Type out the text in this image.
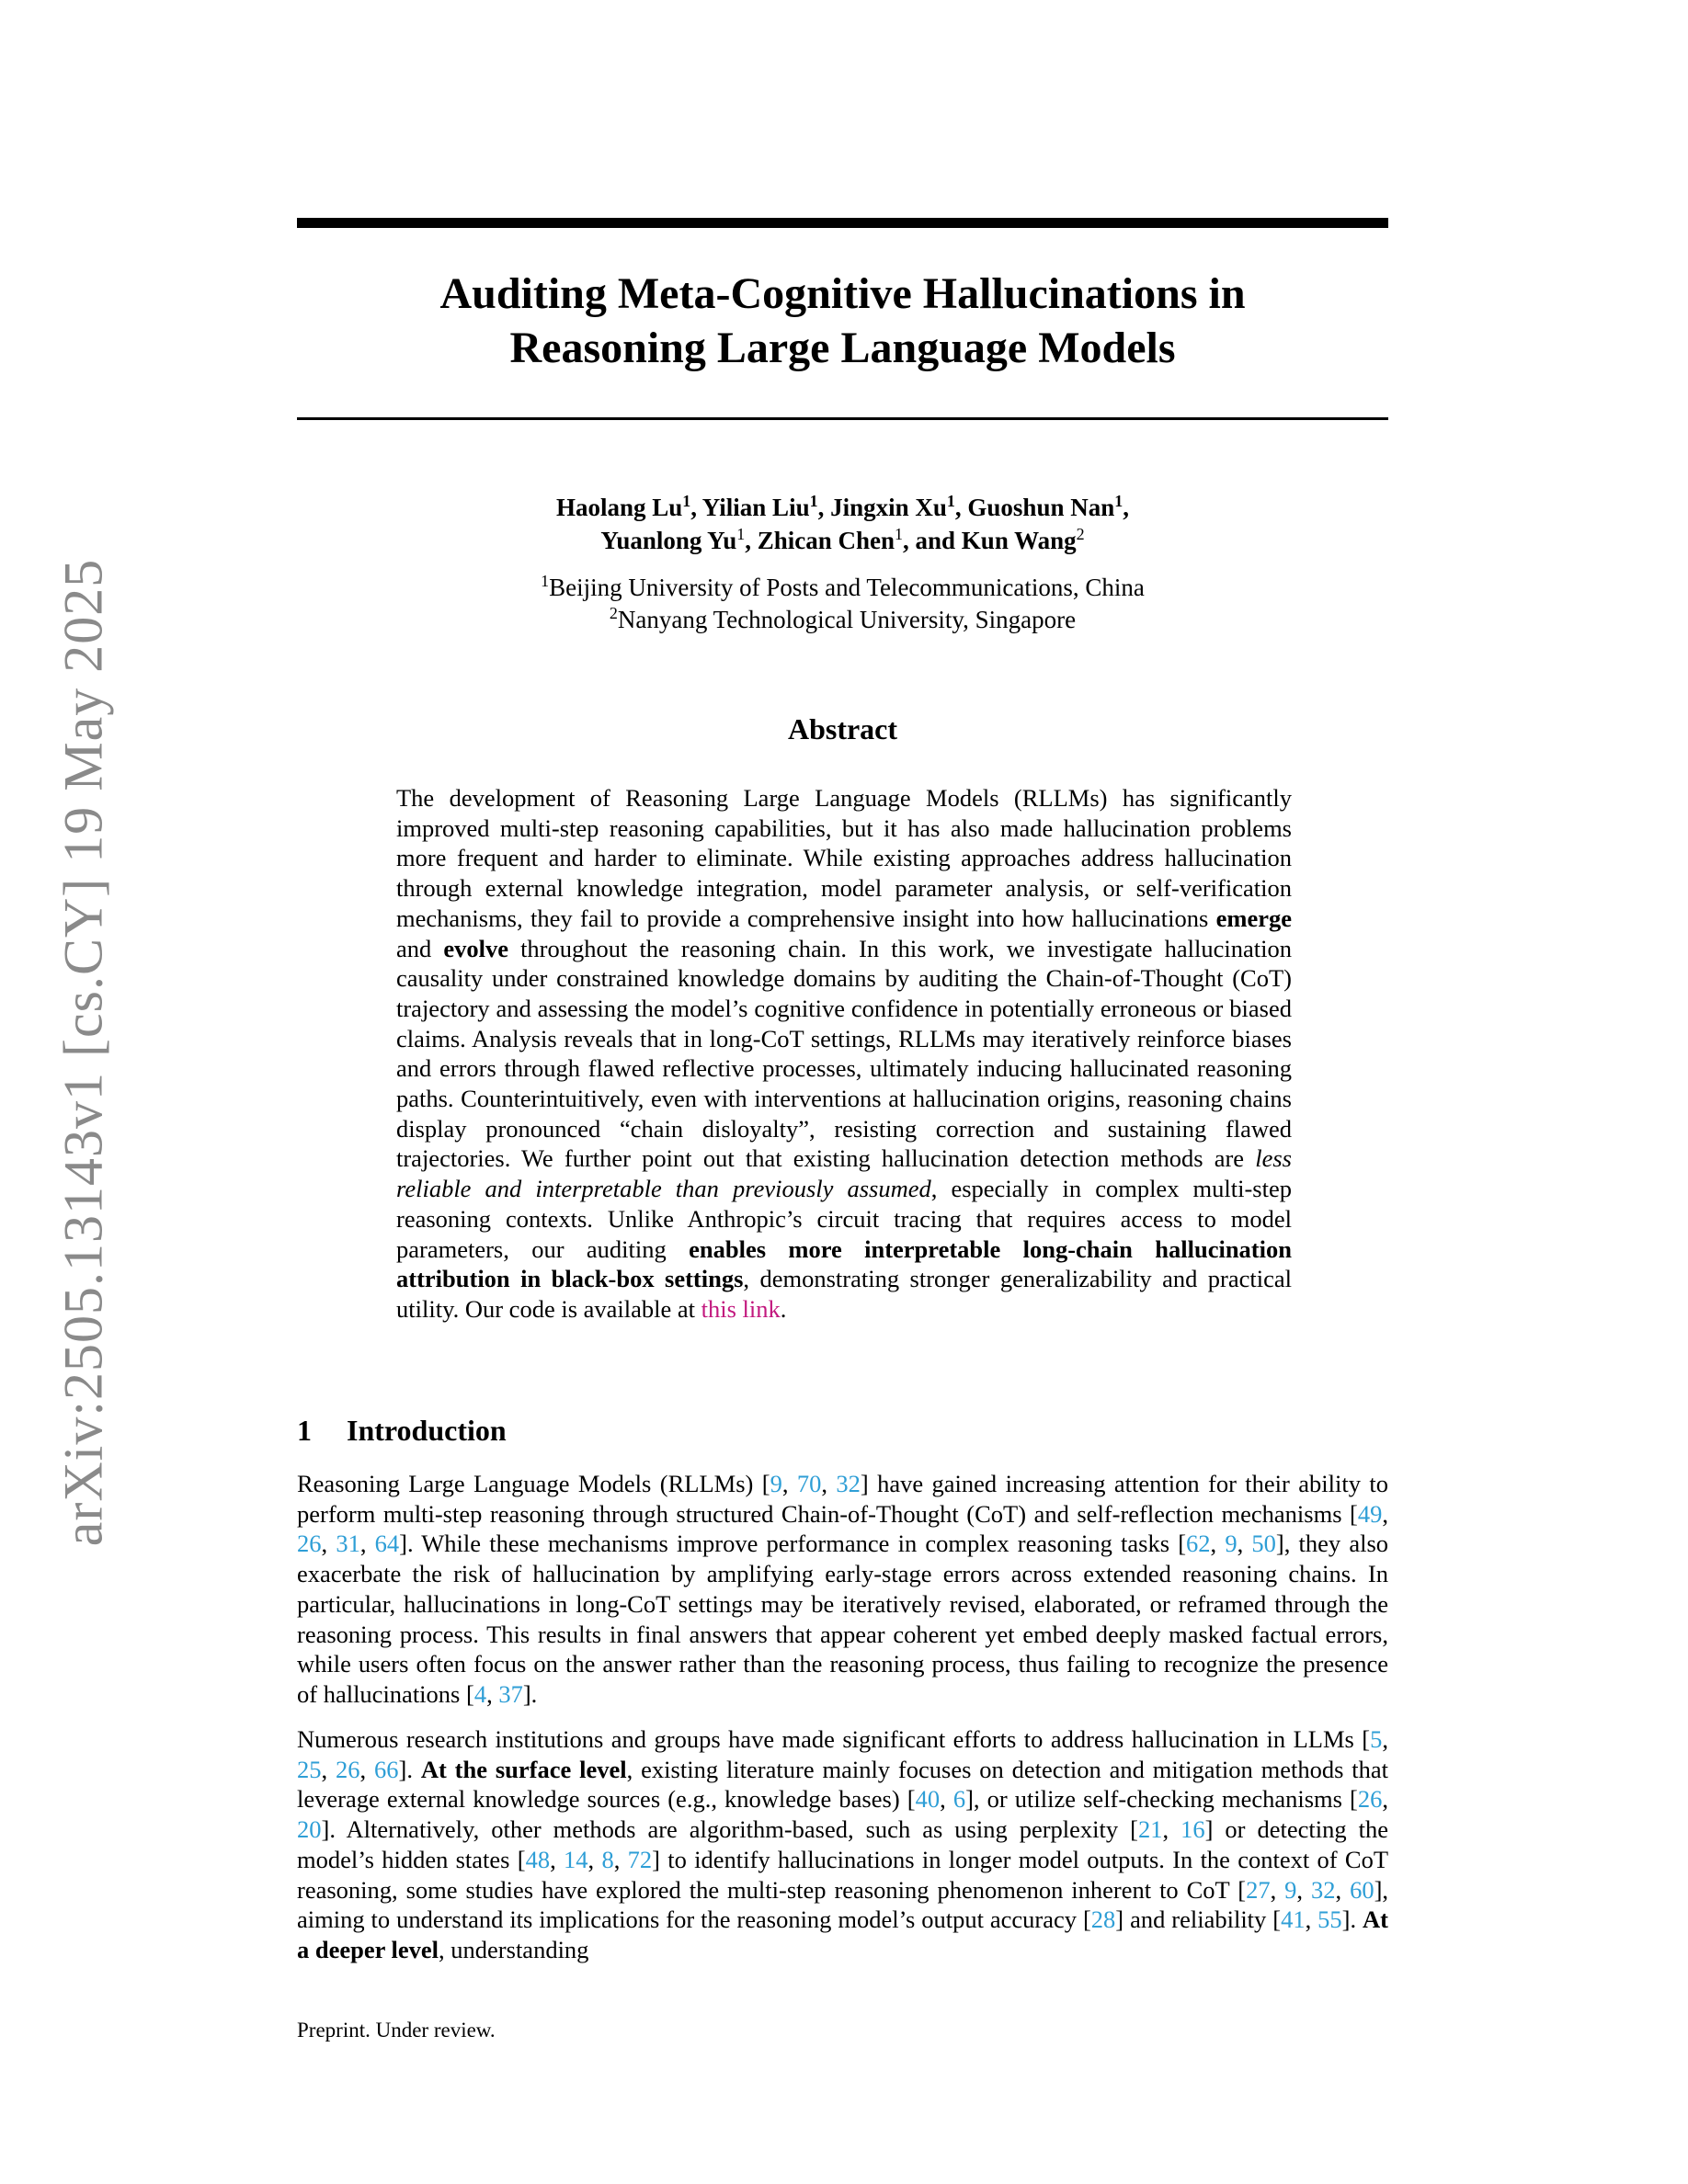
arXiv:2505.13143v1 [cs.CY] 19 May 2025
Auditing Meta-Cognitive Hallucinations in
Reasoning Large Language Models
Haolang Lu$^1$, Yilian Liu$^1$, Jingxin Xu$^1$, Guoshun Nan$^1$,
Yuanlong Yu$^1$, Zhican Chen$^1$, and Kun Wang$^2$
$^1$Beijing University of Posts and Telecommunications, China
$^2$Nanyang Technological University, Singapore
Abstract
The development of Reasoning Large Language Models (RLLMs) has significantly improved multi-step reasoning capabilities, but it has also made hallucination problems more frequent and harder to eliminate. While existing approaches address hallucination through external knowledge integration, model parameter analysis, or self-verification mechanisms, they fail to provide a comprehensive insight into how hallucinations emerge and evolve throughout the reasoning chain. In this work, we investigate hallucination causality under constrained knowledge domains by auditing the Chain-of-Thought (CoT) trajectory and assessing the model’s cognitive confidence in potentially erroneous or biased claims. Analysis reveals that in long-CoT settings, RLLMs may iteratively reinforce biases and errors through flawed reflective processes, ultimately inducing hallucinated reasoning paths. Counterintuitively, even with interventions at hallucination origins, reasoning chains display pronounced “chain disloyalty”, resisting correction and sustaining flawed trajectories. We further point out that existing hallucination detection methods are less reliable and interpretable than previously assumed, especially in complex multi-step reasoning contexts. Unlike Anthropic’s circuit tracing that requires access to model parameters, our auditing enables more interpretable long-chain hallucination attribution in black-box settings, demonstrating stronger generalizability and practical utility. Our code is available at this link.
1 Introduction
Reasoning Large Language Models (RLLMs) [9, 70, 32] have gained increasing attention for their ability to perform multi-step reasoning through structured Chain-of-Thought (CoT) and self-reflection mechanisms [49, 26, 31, 64]. While these mechanisms improve performance in complex reasoning tasks [62, 9, 50], they also exacerbate the risk of hallucination by amplifying early-stage errors across extended reasoning chains. In particular, hallucinations in long-CoT settings may be iteratively revised, elaborated, or reframed through the reasoning process. This results in final answers that appear coherent yet embed deeply masked factual errors, while users often focus on the answer rather than the reasoning process, thus failing to recognize the presence of hallucinations [4, 37].
Numerous research institutions and groups have made significant efforts to address hallucination in LLMs [5, 25, 26, 66]. At the surface level, existing literature mainly focuses on detection and mitigation methods that leverage external knowledge sources (e.g., knowledge bases) [40, 6], or utilize self-checking mechanisms [26, 20]. Alternatively, other methods are algorithm-based, such as using perplexity [21, 16] or detecting the model’s hidden states [48, 14, 8, 72] to identify hallucinations in longer model outputs. In the context of CoT reasoning, some studies have explored the multi-step reasoning phenomenon inherent to CoT [27, 9, 32, 60], aiming to understand its implications for the reasoning model’s output accuracy [28] and reliability [41, 55]. At a deeper level, understanding
Preprint. Under review.
